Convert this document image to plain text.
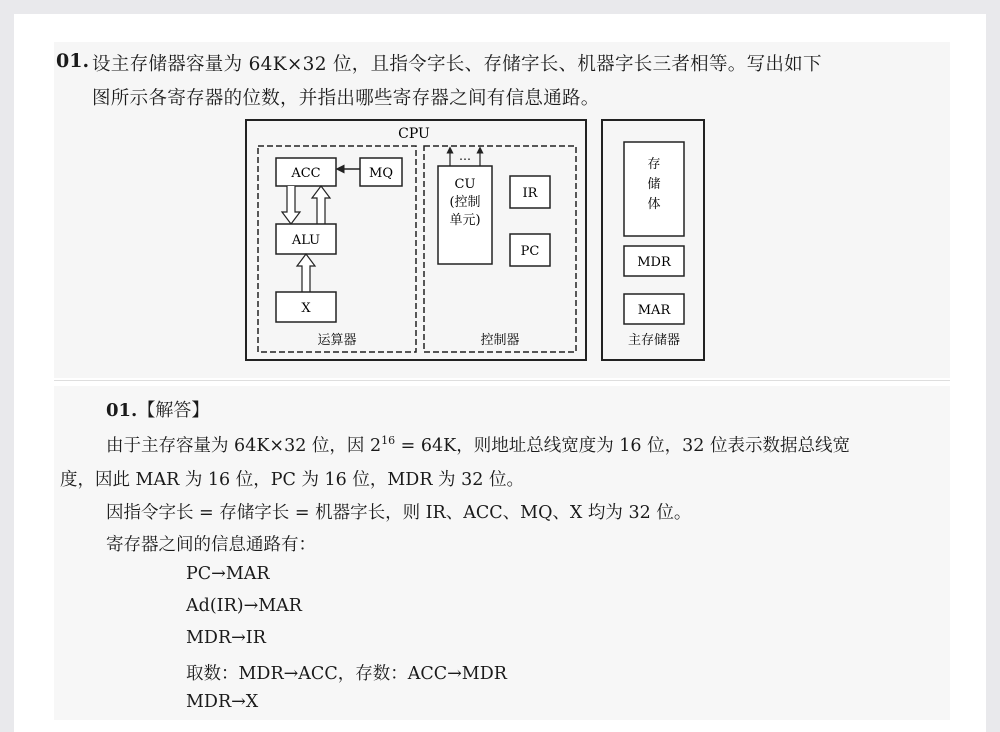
01. 设主存储器容量为 64K×32 位，且指令字长、存储字长、机器字长三者相等。写出如下
图所示各寄存器的位数，并指出哪些寄存器之间有信息通路。
CPU
ACC	MQ
ALU
X
运算器
CU
(控制
单元)
…
IR
PC
控制器
存
储
体
MDR
MAR
主存储器
01.【解答】
由于主存容量为 64K×32 位，因 $2^{16} = 64K$，则地址总线宽度为 16 位，32 位表示数据总线宽
度，因此 MAR 为 16 位，PC 为 16 位，MDR 为 32 位。
因指令字长 = 存储字长 = 机器字长，则 IR、ACC、MQ、X 均为 32 位。
寄存器之间的信息通路有：
PC→MAR
Ad(IR)→MAR
MDR→IR
取数：MDR→ACC，存数：ACC→MDR
MDR→X
